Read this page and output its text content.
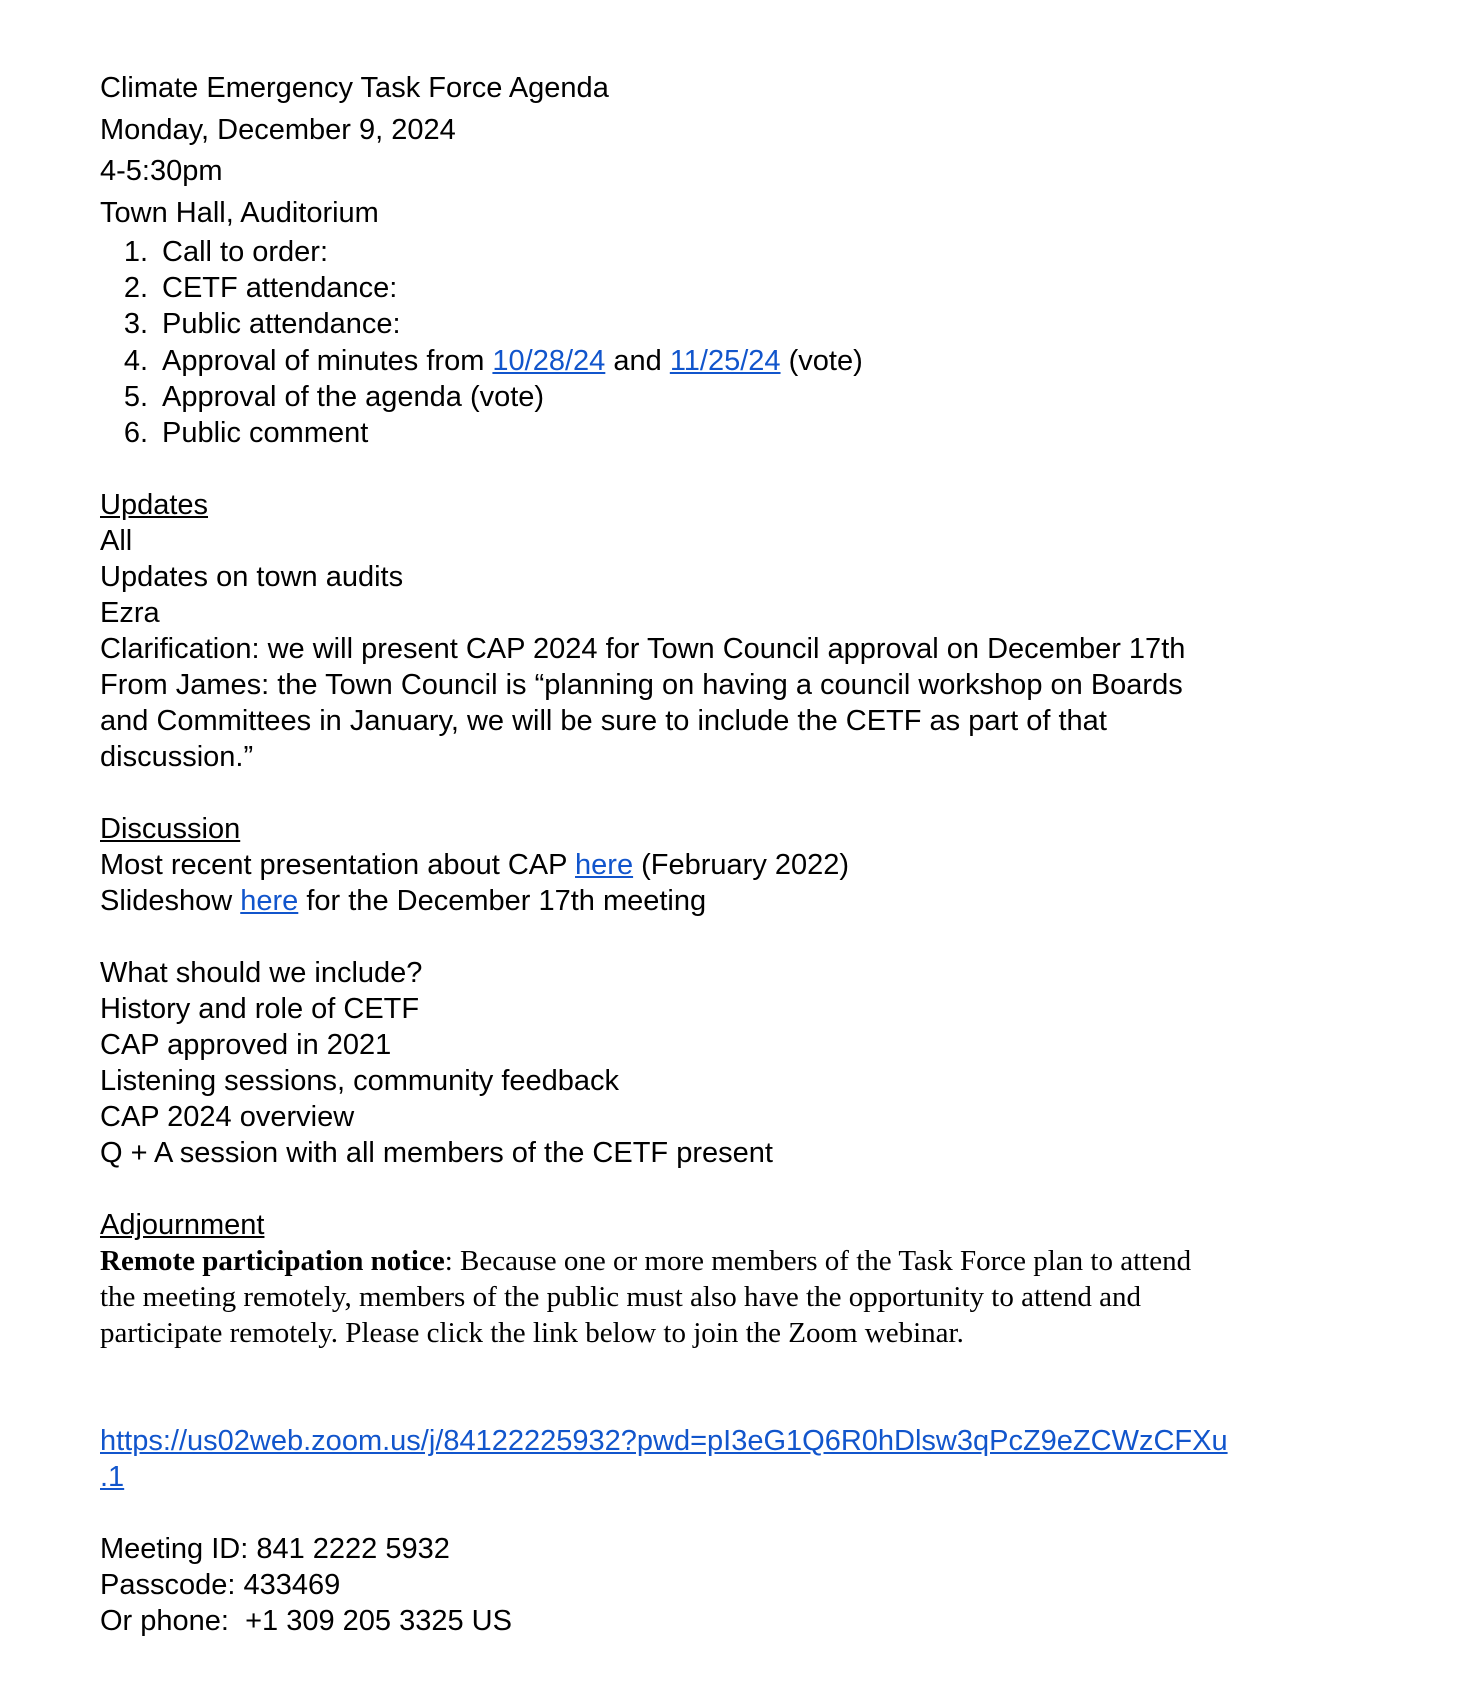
Climate Emergency Task Force Agenda
Monday, December 9, 2024
4-5:30pm
Town Hall, Auditorium
1. Call to order:
2. CETF attendance:
3. Public attendance:
4. Approval of minutes from 10/28/24 and 11/25/24 (vote)
5. Approval of the agenda (vote)
6. Public comment
Updates
All
Updates on town audits
Ezra
Clarification: we will present CAP 2024 for Town Council approval on December 17th
From James: the Town Council is “planning on having a council workshop on Boards
and Committees in January, we will be sure to include the CETF as part of that
discussion.”
Discussion
Most recent presentation about CAP here (February 2022)
Slideshow here for the December 17th meeting
What should we include?
History and role of CETF
CAP approved in 2021
Listening sessions, community feedback
CAP 2024 overview
Q + A session with all members of the CETF present
Adjournment
Remote participation notice: Because one or more members of the Task Force plan to attend
the meeting remotely, members of the public must also have the opportunity to attend and
participate remotely. Please click the link below to join the Zoom webinar.
https://us02web.zoom.us/j/84122225932?pwd=pI3eG1Q6R0hDlsw3qPcZ9eZCWzCFXu
.1
Meeting ID: 841 2222 5932
Passcode: 433469
Or phone:  +1 309 205 3325 US
